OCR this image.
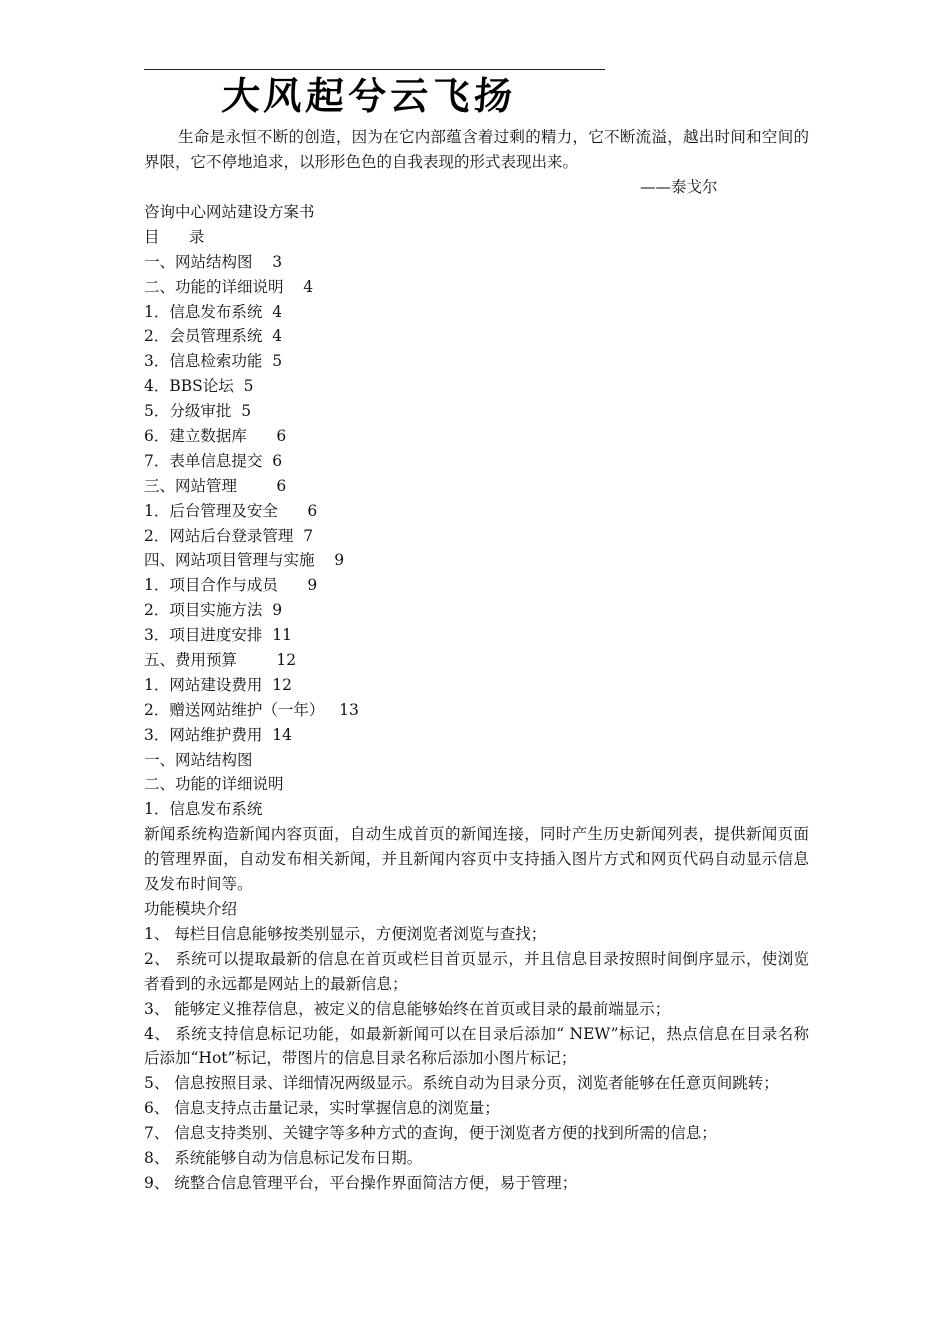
大风起兮云飞扬
生命是永恒不断的创造，因为在它内部蕴含着过剩的精力，它不断流溢，越出时间和空间的界限，它不停地追求，以形形色色的自我表现的形式表现出来。
——泰戈尔
咨询中心网站建设方案书
目      录
一、网站结构图    3
二、功能的详细说明    4
1．信息发布系统  4
2．会员管理系统  4
3．信息检索功能  5
4．BBS论坛  5
5．分级审批  5
6．建立数据库      6
7．表单信息提交  6
三、网站管理        6
1．后台管理及安全      6
2．网站后台登录管理  7
四、网站项目管理与实施    9
1．项目合作与成员      9
2．项目实施方法  9
3．项目进度安排  11
五、费用预算        12
1．网站建设费用  12
2．赠送网站维护（一年）   13
3．网站维护费用  14
一、网站结构图
二、功能的详细说明
1．信息发布系统
新闻系统构造新闻内容页面，自动生成首页的新闻连接，同时产生历史新闻列表，提供新闻页面的管理界面，自动发布相关新闻，并且新闻内容页中支持插入图片方式和网页代码自动显示信息及发布时间等。
功能模块介绍
1、 每栏目信息能够按类别显示，方便浏览者浏览与查找；
2、 系统可以提取最新的信息在首页或栏目首页显示，并且信息目录按照时间倒序显示，使浏览者看到的永远都是网站上的最新信息；
3、 能够定义推荐信息，被定义的信息能够始终在首页或目录的最前端显示；
4、 系统支持信息标记功能，如最新新闻可以在目录后添加“ NEW”标记，热点信息在目录名称后添加“Hot”标记，带图片的信息目录名称后添加小图片标记；
5、 信息按照目录、详细情况两级显示。系统自动为目录分页，浏览者能够在任意页间跳转；
6、 信息支持点击量记录，实时掌握信息的浏览量；
7、 信息支持类别、关键字等多种方式的查询，便于浏览者方便的找到所需的信息；
8、 系统能够自动为信息标记发布日期。
9、 统整合信息管理平台，平台操作界面简洁方便，易于管理；
